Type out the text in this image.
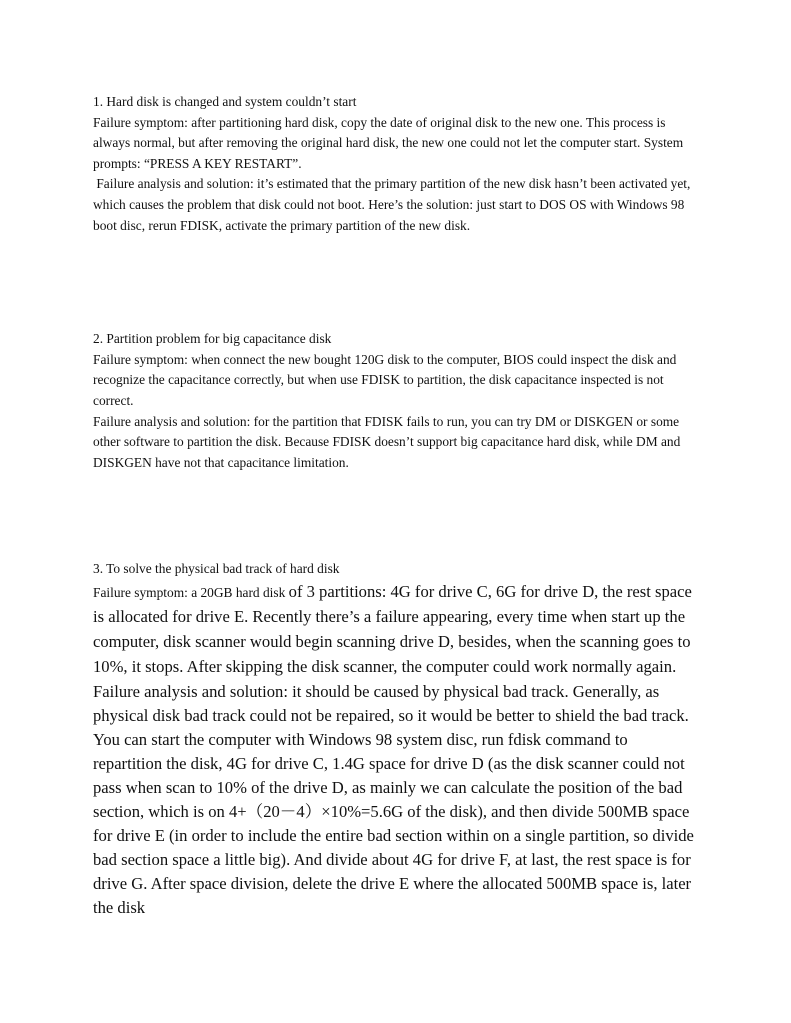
1. Hard disk is changed and system couldn’t start

Failure symptom: after partitioning hard disk, copy the date of original disk to the new one. This process is always normal, but after removing the original hard disk, the new one could not let the computer start. System prompts: “PRESS A KEY RESTART”.

Failure analysis and solution: it’s estimated that the primary partition of the new disk hasn’t been activated yet, which causes the problem that disk could not boot. Here’s the solution: just start to DOS OS with Windows 98 boot disc, rerun FDISK, activate the primary partition of the new disk.

2. Partition problem for big capacitance disk

Failure symptom: when connect the new bought 120G disk to the computer, BIOS could inspect the disk and recognize the capacitance correctly, but when use FDISK to partition, the disk capacitance inspected is not correct.

Failure analysis and solution: for the partition that FDISK fails to run, you can try DM or DISKGEN or some other software to partition the disk. Because FDISK doesn’t support big capacitance hard disk, while DM and DISKGEN have not that capacitance limitation.

3. To solve the physical bad track of hard disk

Failure symptom: a 20GB hard disk of 3 partitions: 4G for drive C, 6G for drive D, the rest space is allocated for drive E. Recently there’s a failure appearing, every time when start up the computer, disk scanner would begin scanning drive D, besides, when the scanning goes to 10%, it stops. After skipping the disk scanner, the computer could work normally again.

Failure analysis and solution: it should be caused by physical bad track. Generally, as physical disk bad track could not be repaired, so it would be better to shield the bad track. You can start the computer with Windows 98 system disc, run fdisk command to repartition the disk, 4G for drive C, 1.4G space for drive D (as the disk scanner could not pass when scan to 10% of the drive D, as mainly we can calculate the position of the bad section, which is on 4+（20－4）×10%=5.6G of the disk), and then divide 500MB space for drive E (in order to include the entire bad section within on a single partition, so divide bad section space a little big). And divide about 4G for drive F, at last, the rest space is for drive G. After space division, delete the drive E where the allocated 500MB space is, later the disk
